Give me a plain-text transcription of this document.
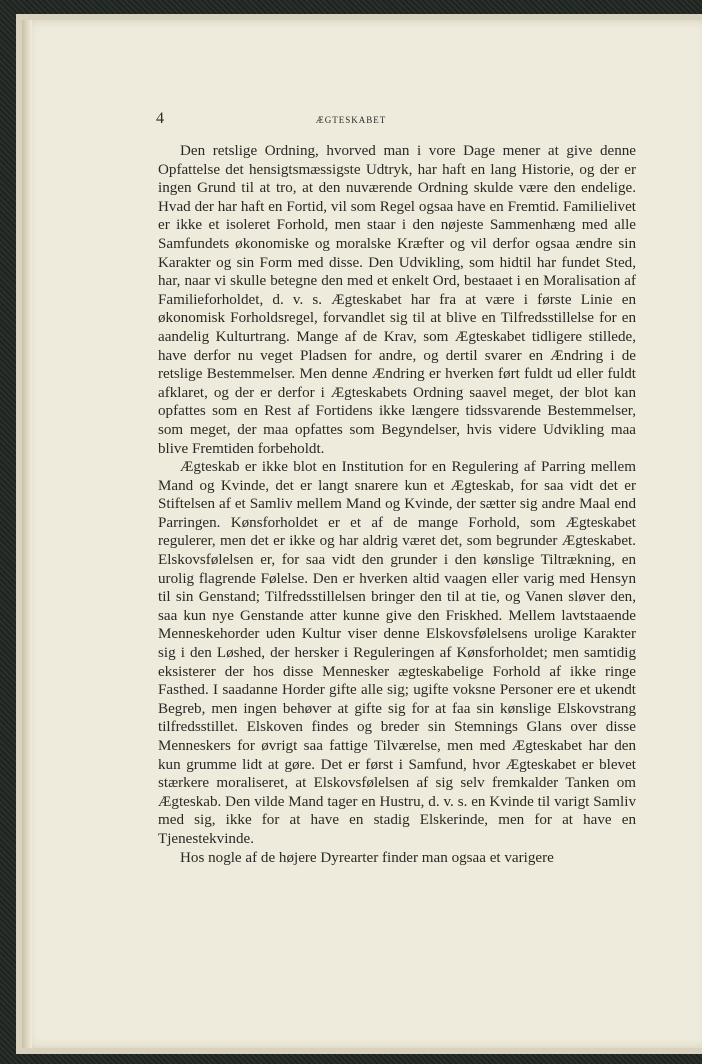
4	ÆGTESKABET

Den retslige Ordning, hvorved man i vore Dage mener at give denne Opfattelse det hensigtsmæssigste Udtryk, har haft en lang Historie, og der er ingen Grund til at tro, at den nuværende Ordning skulde være den endelige. Hvad der har haft en Fortid, vil som Regel ogsaa have en Fremtid. Familielivet er ikke et isoleret Forhold, men staar i den nøjeste Sammenhæng med alle Samfundets økonomiske og moralske Kræfter og vil derfor ogsaa ændre sin Karakter og sin Form med disse. Den Udvikling, som hidtil har fundet Sted, har, naar vi skulle betegne den med et enkelt Ord, bestaaet i en Moralisation af Familieforholdet, d. v. s. Ægteskabet har fra at være i første Linie en økonomisk Forholdsregel, forvandlet sig til at blive en Tilfredsstillelse for en aandelig Kulturtrang. Mange af de Krav, som Ægteskabet tidligere stillede, have derfor nu veget Pladsen for andre, og dertil svarer en Ændring i de retslige Bestemmelser. Men denne Ændring er hverken ført fuldt ud eller fuldt afklaret, og der er derfor i Ægteskabets Ordning saavel meget, der blot kan opfattes som en Rest af Fortidens ikke længere tidssvarende Bestemmelser, som meget, der maa opfattes som Begyndelser, hvis videre Udvikling maa blive Fremtiden forbeholdt.

Ægteskab er ikke blot en Institution for en Regulering af Parring mellem Mand og Kvinde, det er langt snarere kun et Ægteskab, for saa vidt det er Stiftelsen af et Samliv mellem Mand og Kvinde, der sætter sig andre Maal end Parringen. Kønsforholdet er et af de mange Forhold, som Ægteskabet regulerer, men det er ikke og har aldrig været det, som begrunder Ægteskabet. Elskovsfølelsen er, for saa vidt den grunder i den kønslige Tiltrækning, en urolig flagrende Følelse. Den er hverken altid vaagen eller varig med Hensyn til sin Genstand; Tilfredsstillelsen bringer den til at tie, og Vanen sløver den, saa kun nye Genstande atter kunne give den Friskhed. Mellem lavtstaaende Menneskehorder uden Kultur viser denne Elskovsfølelsens urolige Karakter sig i den Løshed, der hersker i Reguleringen af Kønsforholdet; men samtidig eksisterer der hos disse Mennesker ægteskabelige Forhold af ikke ringe Fasthed. I saadanne Horder gifte alle sig; ugifte voksne Personer ere et ukendt Begreb, men ingen behøver at gifte sig for at faa sin kønslige Elskovstrang tilfredsstillet. Elskoven findes og breder sin Stemnings Glans over disse Menneskers for øvrigt saa fattige Tilværelse, men med Ægteskabet har den kun grumme lidt at gøre. Det er først i Samfund, hvor Ægteskabet er blevet stærkere moraliseret, at Elskovsfølelsen af sig selv fremkalder Tanken om Ægteskab. Den vilde Mand tager en Hustru, d. v. s. en Kvinde til varigt Samliv med sig, ikke for at have en stadig Elskerinde, men for at have en Tjenestekvinde.

Hos nogle af de højere Dyrearter finder man ogsaa et varigere
